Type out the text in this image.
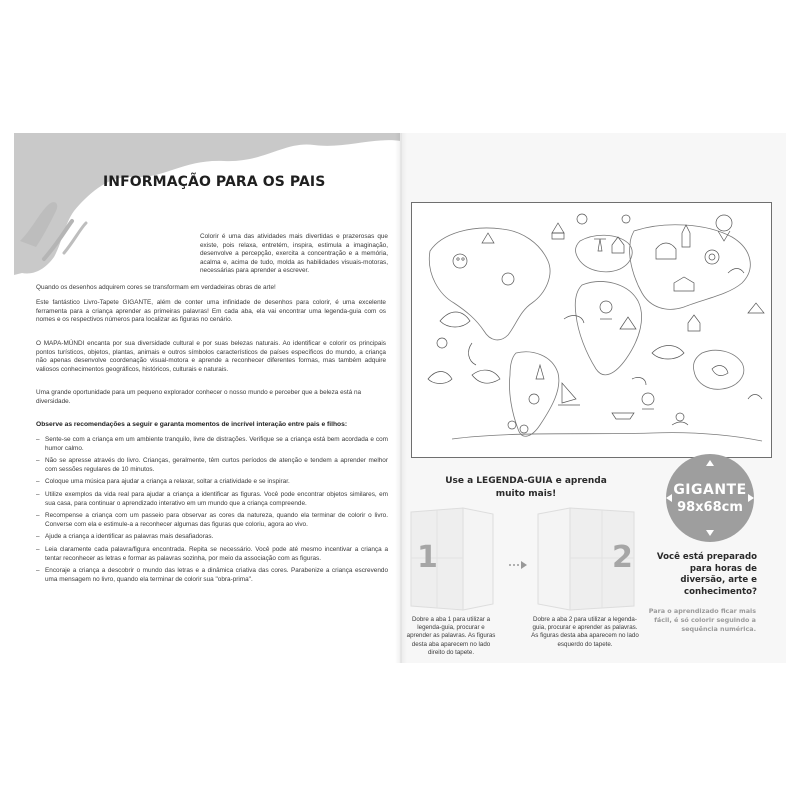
INFORMAÇÃO PARA OS PAIS

Colorir é uma das atividades mais divertidas e prazerosas que existe, pois relaxa, entretém, inspira, estimula a imaginação, desenvolve a percepção, exercita a concentração e a memória, acalma e, acima de tudo, molda as habilidades visuais-motoras, necessárias para aprender a escrever.

Quando os desenhos adquirem cores se transformam em verdadeiras obras de arte!

Este fantástico Livro-Tapete GIGANTE, além de conter uma infinidade de desenhos para colorir, é uma excelente ferramenta para a criança aprender as primeiras palavras! Em cada aba, ela vai encontrar uma legenda-guia com os nomes e os respectivos números para localizar as figuras no cenário.

O MAPA-MÚNDI encanta por sua diversidade cultural e por suas belezas naturais. Ao identificar e colorir os principais pontos turísticos, objetos, plantas, animais e outros símbolos característicos de países específicos do mundo, a criança não apenas desenvolve coordenação visual-motora e aprende a reconhecer diferentes formas, mas também adquire valiosos conhecimentos geográficos, históricos, culturais e naturais.

Uma grande oportunidade para um pequeno explorador conhecer o nosso mundo e perceber que a beleza está na diversidade.

Observe as recomendações a seguir e garanta momentos de incrível interação entre pais e filhos:

– Sente-se com a criança em um ambiente tranquilo, livre de distrações. Verifique se a criança está bem acordada e com humor calmo.
– Não se apresse através do livro. Crianças, geralmente, têm curtos períodos de atenção e tendem a aprender melhor com sessões regulares de 10 minutos.
– Coloque uma música para ajudar a criança a relaxar, soltar a criatividade e se inspirar.
– Utilize exemplos da vida real para ajudar a criança a identificar as figuras. Você pode encontrar objetos similares, em sua casa, para continuar o aprendizado interativo em um mundo que a criança compreende.
– Recompense a criança com um passeio para observar as cores da natureza, quando ela terminar de colorir o livro. Converse com ela e estimule-a a reconhecer algumas das figuras que coloriu, agora ao vivo.
– Ajude a criança a identificar as palavras mais desafiadoras.
– Leia claramente cada palavra/figura encontrada. Repita se necessário. Você pode até mesmo incentivar a criança a tentar reconhecer as letras e formar as palavras sozinha, por meio da associação com as figuras.
– Encoraje a criança a descobrir o mundo das letras e a dinâmica criativa das cores. Parabenize a criança escrevendo uma mensagem no livro, quando ela terminar de colorir sua "obra-prima".
Use a LEGENDA-GUIA e aprenda muito mais!
1	2

Dobre a aba 1 para utilizar a legenda-guia, procurar e aprender as palavras. As figuras desta aba aparecem no lado direito do tapete.

Dobre a aba 2 para utilizar a legenda-guia, procurar e aprender as palavras. As figuras desta aba aparecem no lado esquerdo do tapete.

GIGANTE
98x68cm

Você está preparado para horas de diversão, arte e conhecimento?

Para o aprendizado ficar mais fácil, é só colorir seguindo a sequência numérica.
